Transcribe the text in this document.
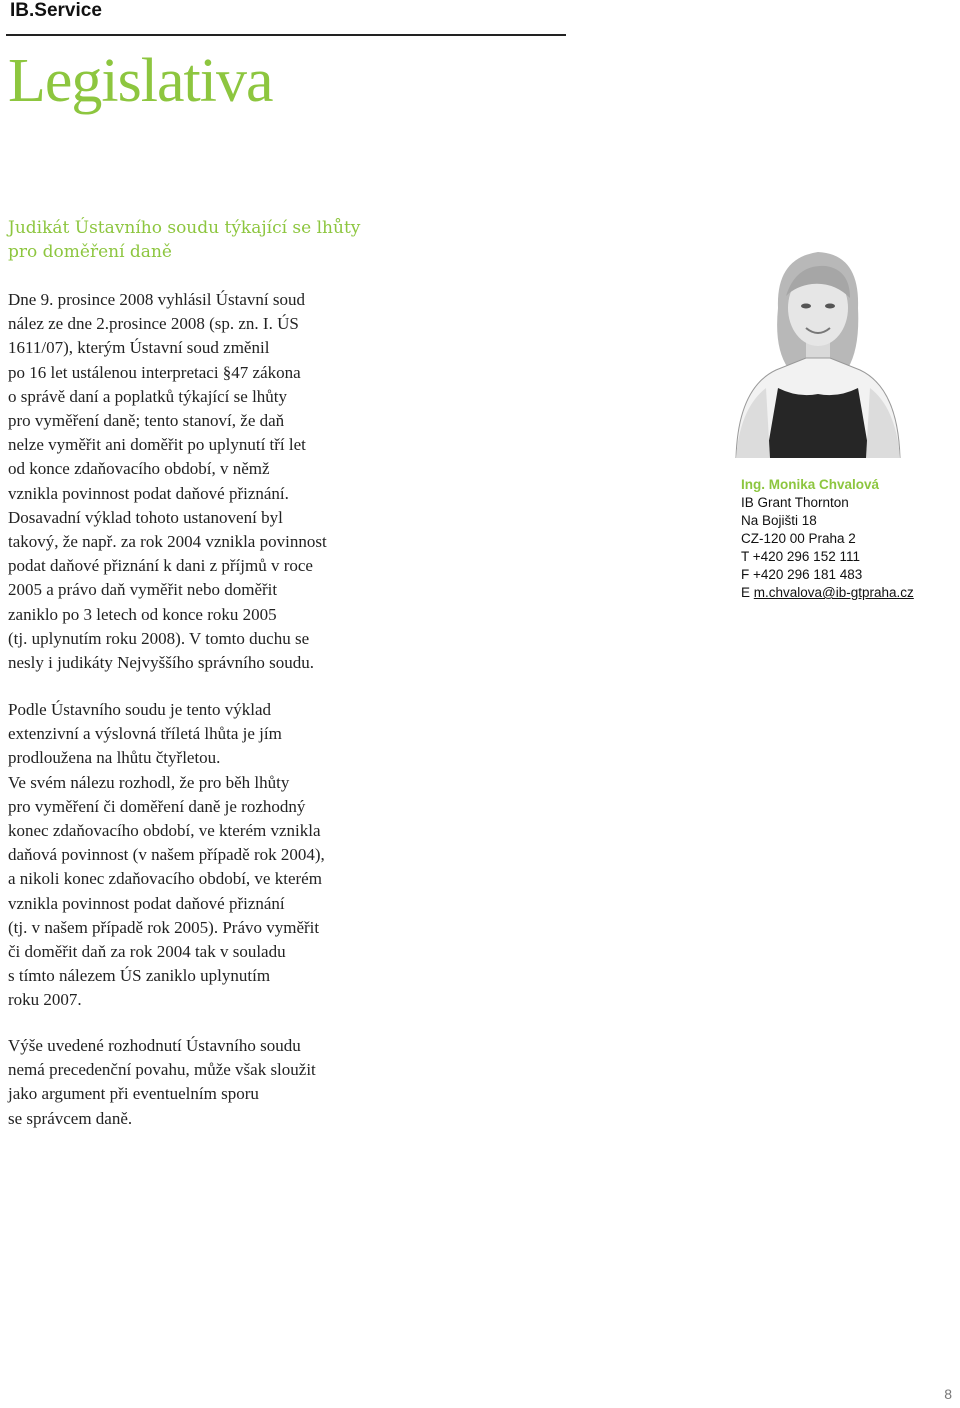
IB.Service
Legislativa
Judikát Ústavního soudu týkající se lhůty pro doměření daně

Dne 9. prosince 2008 vyhlásil Ústavní soud
nález ze dne 2.prosince 2008 (sp. zn. I. ÚS
1611/07), kterým Ústavní soud změnil
po 16 let ustálenou interpretaci §47 zákona
o správě daní a poplatků týkající se lhůty
pro vyměření daně; tento stanoví, že daň
nelze vyměřit ani doměřit po uplynutí tří let
od konce zdaňovacího období, v němž
vznikla povinnost podat daňové přiznání.
Dosavadní výklad tohoto ustanovení byl
takový, že např. za rok 2004 vznikla povinnost
podat daňové přiznání k dani z příjmů v roce
2005 a právo daň vyměřit nebo doměřit
zaniklo po 3 letech od konce roku 2005
(tj. uplynutím roku 2008). V tomto duchu se
nesly i judikáty Nejvyššího správního soudu.

Podle Ústavního soudu je tento výklad
extenzivní a výslovná tříletá lhůta je jím
prodloužena na lhůtu čtyřletou.
Ve svém nálezu rozhodl, že pro běh lhůty
pro vyměření či doměření daně je rozhodný
konec zdaňovacího období, ve kterém vznikla
daňová povinnost (v našem případě rok 2004),
a nikoli konec zdaňovacího období, ve kterém
vznikla povinnost podat daňové přiznání
(tj. v našem případě rok 2005). Právo vyměřit
či doměřit daň za rok 2004 tak v souladu
s tímto nálezem ÚS zaniklo uplynutím
roku 2007.

Výše uvedené rozhodnutí Ústavního soudu
nemá precedenční povahu, může však sloužit
jako argument při eventuelním sporu
se správcem daně.

Ing. Monika Chvalová
IB Grant Thornton
Na Bojišti 18
CZ-120 00 Praha 2
T +420 296 152 111
F +420 296 181 483
E m.chvalova@ib-gtpraha.cz
8
